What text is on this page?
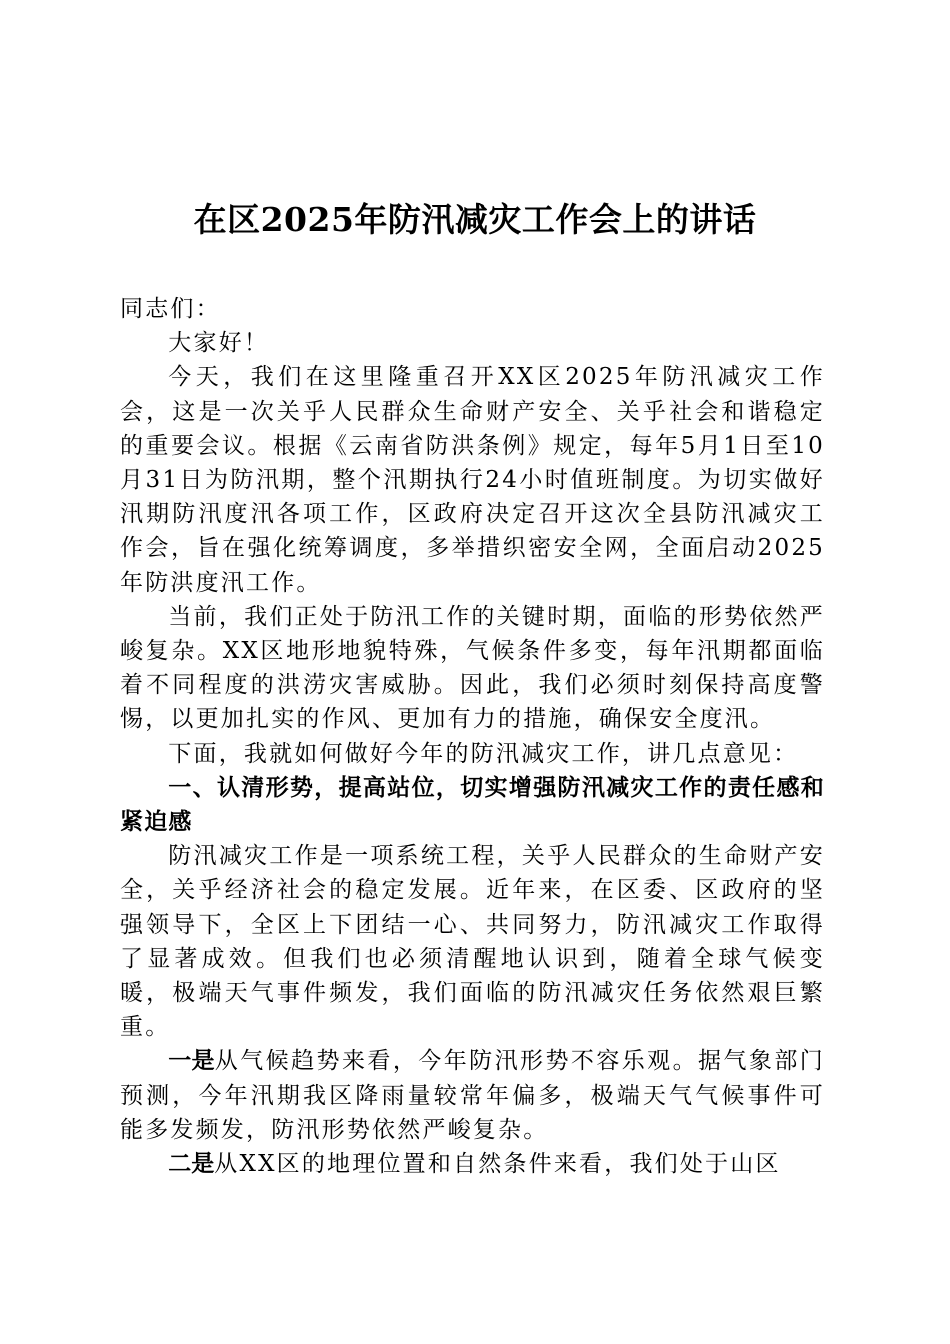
在区2025年防汛减灾工作会上的讲话

同志们：

大家好！

今天，我们在这里隆重召开XX区2025年防汛减灾工作会，这是一次关乎人民群众生命财产安全、关乎社会和谐稳定的重要会议。根据《云南省防洪条例》规定，每年5月1日至10月31日为防汛期，整个汛期执行24小时值班制度。为切实做好汛期防汛度汛各项工作，区政府决定召开这次全县防汛减灾工作会，旨在强化统筹调度，多举措织密安全网，全面启动2025年防洪度汛工作。

当前，我们正处于防汛工作的关键时期，面临的形势依然严峻复杂。XX区地形地貌特殊，气候条件多变，每年汛期都面临着不同程度的洪涝灾害威胁。因此，我们必须时刻保持高度警惕，以更加扎实的作风、更加有力的措施，确保安全度汛。

下面，我就如何做好今年的防汛减灾工作，讲几点意见：

一、认清形势，提高站位，切实增强防汛减灾工作的责任感和紧迫感

防汛减灾工作是一项系统工程，关乎人民群众的生命财产安全，关乎经济社会的稳定发展。近年来，在区委、区政府的坚强领导下，全区上下团结一心、共同努力，防汛减灾工作取得了显著成效。但我们也必须清醒地认识到，随着全球气候变暖，极端天气事件频发，我们面临的防汛减灾任务依然艰巨繁重。

一是从气候趋势来看，今年防汛形势不容乐观。据气象部门预测，今年汛期我区降雨量较常年偏多，极端天气气候事件可能多发频发，防汛形势依然严峻复杂。

二是从XX区的地理位置和自然条件来看，我们处于山区
